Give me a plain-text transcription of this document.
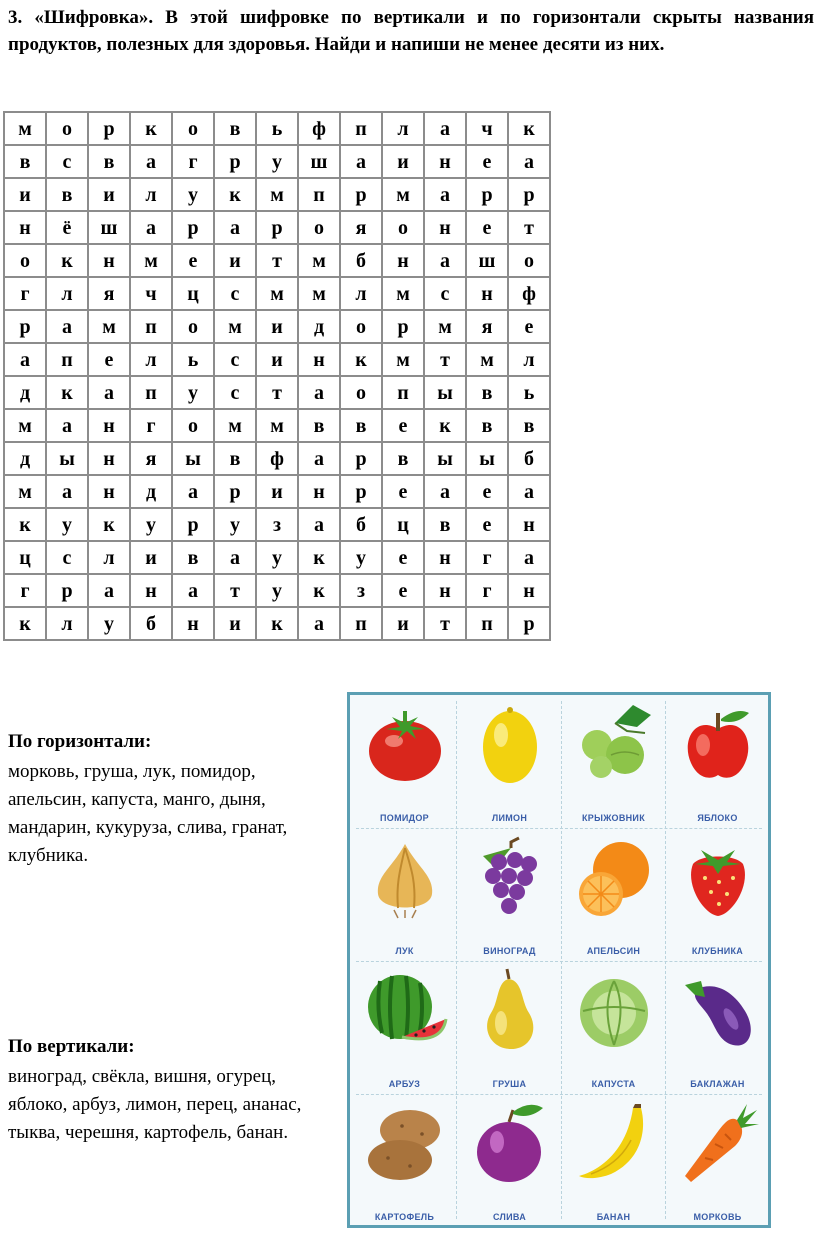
3. «Шифровка». В этой шифровке по вертикали и по горизонтали скрыты названия продуктов, полезных для здоровья. Найди и напиши не менее десяти из них.

м	о	р	к	о	в	ь	ф	п	л	а	ч	к
в	с	в	а	г	р	у	ш	а	и	н	е	а
и	в	и	л	у	к	м	п	р	м	а	р	р
н	ё	ш	а	р	а	р	о	я	о	н	е	т
о	к	н	м	е	и	т	м	б	н	а	ш	о
г	л	я	ч	ц	с	м	м	л	м	с	н	ф
р	а	м	п	о	м	и	д	о	р	м	я	е
а	п	е	л	ь	с	и	н	к	м	т	м	л
д	к	а	п	у	с	т	а	о	п	ы	в	ь
м	а	н	г	о	м	м	в	в	е	к	в	в
д	ы	н	я	ы	в	ф	а	р	в	ы	ы	б
м	а	н	д	а	р	и	н	р	е	а	е	а
к	у	к	у	р	у	з	а	б	ц	в	е	н
ц	с	л	и	в	а	у	к	у	е	н	г	а
г	р	а	н	а	т	у	к	з	е	н	г	н
к	л	у	б	н	и	к	а	п	и	т	п	р

По горизонтали:

морковь, груша, лук, помидор, апельсин, капуста, манго, дыня, мандарин, кукуруза, слива, гранат, клубника.

По вертикали:

виноград, свёкла, вишня, огурец, яблоко, арбуз, лимон, перец, ананас, тыква, черешня, картофель, банан.

ПОМИДОР	ЛИМОН	КРЫЖОВНИК	ЯБЛОКО
ЛУК	ВИНОГРАД	АПЕЛЬСИН	КЛУБНИКА
АРБУЗ	ГРУША	КАПУСТА	БАКЛАЖАН
КАРТОФЕЛЬ	СЛИВА	БАНАН	МОРКОВЬ
